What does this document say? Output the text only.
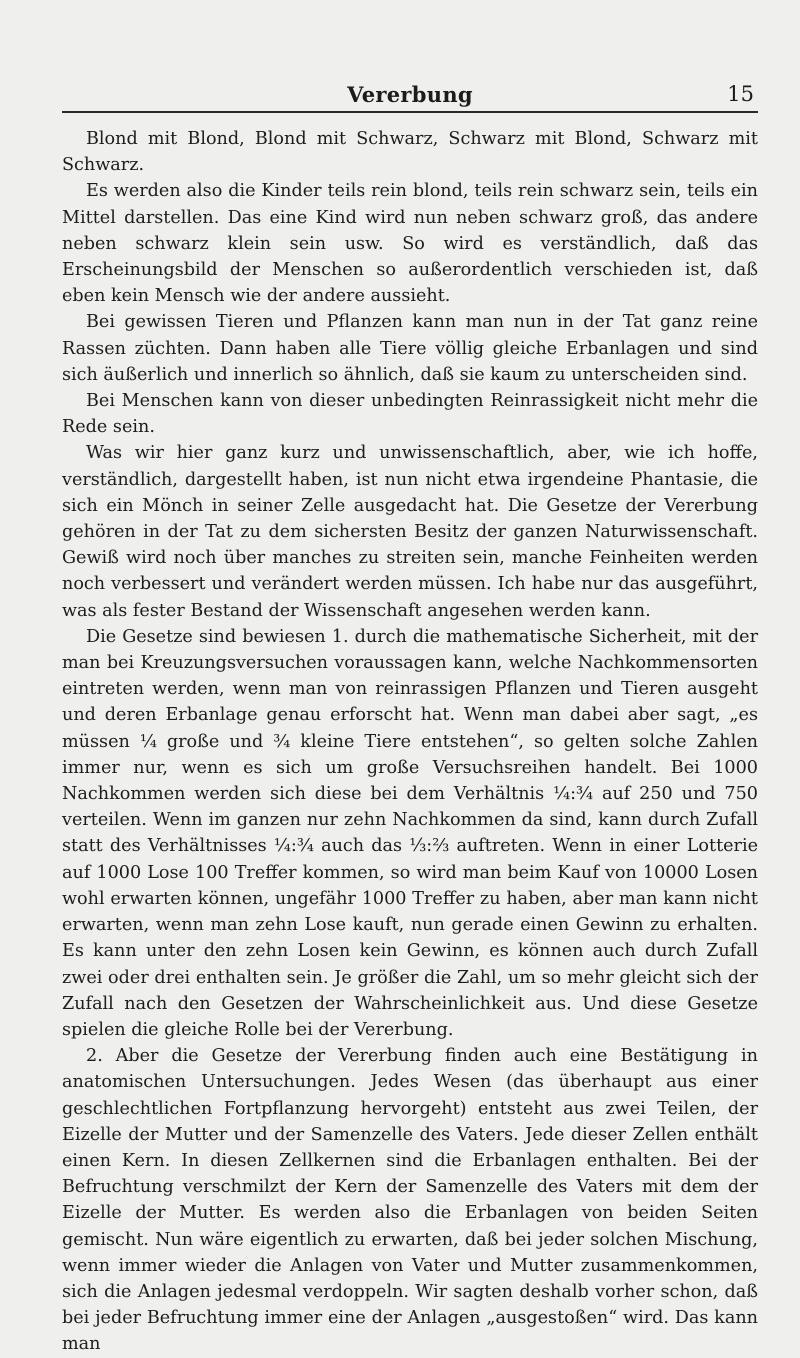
Vererbung	15

Blond mit Blond, Blond mit Schwarz, Schwarz mit Blond, Schwarz mit Schwarz.

Es werden also die Kinder teils rein blond, teils rein schwarz sein, teils ein Mittel darstellen. Das eine Kind wird nun neben schwarz groß, das andere neben schwarz klein sein usw. So wird es verständlich, daß das Erscheinungsbild der Menschen so außerordentlich verschieden ist, daß eben kein Mensch wie der andere aussieht.

Bei gewissen Tieren und Pflanzen kann man nun in der Tat ganz reine Rassen züchten. Dann haben alle Tiere völlig gleiche Erbanlagen und sind sich äußerlich und innerlich so ähnlich, daß sie kaum zu unterscheiden sind.

Bei Menschen kann von dieser unbedingten Reinrassigkeit nicht mehr die Rede sein.

Was wir hier ganz kurz und unwissenschaftlich, aber, wie ich hoffe, verständlich, dargestellt haben, ist nun nicht etwa irgendeine Phantasie, die sich ein Mönch in seiner Zelle ausgedacht hat. Die Gesetze der Vererbung gehören in der Tat zu dem sichersten Besitz der ganzen Naturwissenschaft. Gewiß wird noch über manches zu streiten sein, manche Feinheiten werden noch verbessert und verändert werden müssen. Ich habe nur das ausgeführt, was als fester Bestand der Wissenschaft angesehen werden kann.

Die Gesetze sind bewiesen 1. durch die mathematische Sicherheit, mit der man bei Kreuzungsversuchen voraussagen kann, welche Nachkommensorten eintreten werden, wenn man von reinrassigen Pflanzen und Tieren ausgeht und deren Erbanlage genau erforscht hat. Wenn man dabei aber sagt, „es müssen ¼ große und ¾ kleine Tiere entstehen“, so gelten solche Zahlen immer nur, wenn es sich um große Versuchsreihen handelt. Bei 1000 Nachkommen werden sich diese bei dem Verhältnis ¼:¾ auf 250 und 750 verteilen. Wenn im ganzen nur zehn Nachkommen da sind, kann durch Zufall statt des Verhältnisses ¼:¾ auch das ⅓:⅔ auftreten. Wenn in einer Lotterie auf 1000 Lose 100 Treffer kommen, so wird man beim Kauf von 10000 Losen wohl erwarten können, ungefähr 1000 Treffer zu haben, aber man kann nicht erwarten, wenn man zehn Lose kauft, nun gerade einen Gewinn zu erhalten. Es kann unter den zehn Losen kein Gewinn, es können auch durch Zufall zwei oder drei enthalten sein. Je größer die Zahl, um so mehr gleicht sich der Zufall nach den Gesetzen der Wahrscheinlichkeit aus. Und diese Gesetze spielen die gleiche Rolle bei der Vererbung.

2. Aber die Gesetze der Vererbung finden auch eine Bestätigung in anatomischen Untersuchungen. Jedes Wesen (das überhaupt aus einer geschlechtlichen Fortpflanzung hervorgeht) entsteht aus zwei Teilen, der Eizelle der Mutter und der Samenzelle des Vaters. Jede dieser Zellen enthält einen Kern. In diesen Zellkernen sind die Erbanlagen enthalten. Bei der Befruchtung verschmilzt der Kern der Samenzelle des Vaters mit dem der Eizelle der Mutter. Es werden also die Erbanlagen von beiden Seiten gemischt. Nun wäre eigentlich zu erwarten, daß bei jeder solchen Mischung, wenn immer wieder die Anlagen von Vater und Mutter zusammenkommen, sich die Anlagen jedesmal verdoppeln. Wir sagten deshalb vorher schon, daß bei jeder Befruchtung immer eine der Anlagen „ausgestoßen“ wird. Das kann man
